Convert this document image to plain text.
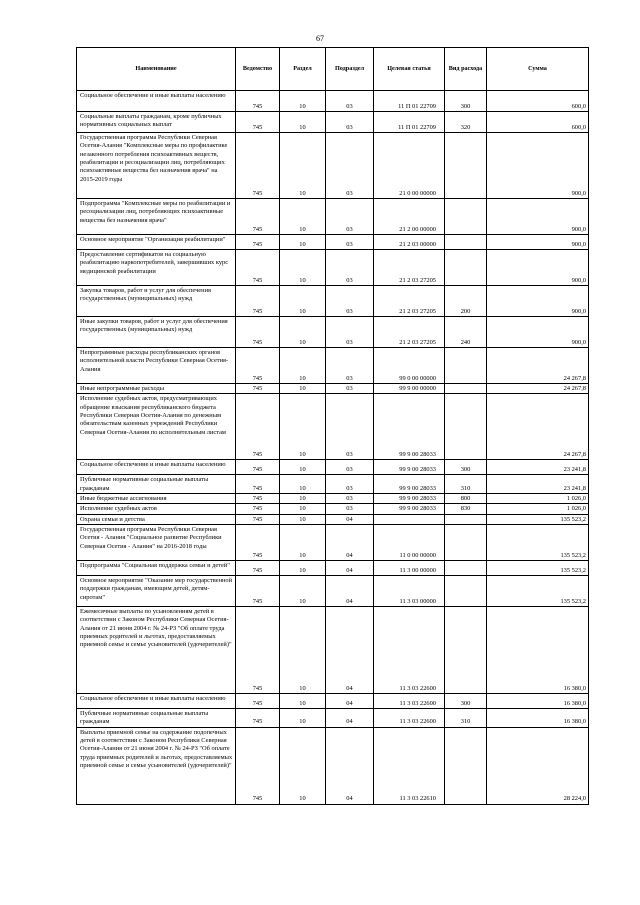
67
Наименование	Ведомство	Раздел	Подраздел	Целевая статья	Вид расхода	Сумма
Социальное обеспечение и иные выплаты населению	745	10	03	11 П 01 22709	300	600,0
Социальные выплаты гражданам, кроме публичных нормативных социальных выплат	745	10	03	11 П 01 22709	320	600,0
Государственная программа Республики Северная Осетия-Алания "Комплексные меры по профилактике незаконного потребления психоактивных веществ, реабилитации и ресоциализации лиц, потребляющих психоактивные вещества без назначения врача" на 2015-2019 годы	745	10	03	21 0 00 00000		900,0
Подпрограмма "Комплексные меры по реабилитации и ресоциализации лиц, потребляющих психоактивные вещества без назначения врача"	745	10	03	21 2 00 00000		900,0
Основное мероприятие "Организация реабилитации"	745	10	03	21 2 03 00000		900,0
Предоставление сертификатов на социальную реабилитацию наркопотребителей, завершивших курс медицинской реабилитации	745	10	03	21 2 03 27205		900,0
Закупка товаров, работ и услуг для обеспечения государственных (муниципальных) нужд	745	10	03	21 2 03 27205	200	900,0
Иные закупки товаров, работ и услуг для обеспечения государственных (муниципальных) нужд	745	10	03	21 2 03 27205	240	900,0
Непрограммные расходы республиканских органов исполнительной власти Республики Северная Осетия-Алания	745	10	03	99 0 00 00000		24 267,8
Иные непрограммные расходы	745	10	03	99 9 00 00000		24 267,8
Исполнение судебных актов, предусматривающих обращение взыскания республиканского бюджета Республики Северная Осетия-Алания по денежным обязательствам казенных учреждений Республики Северная Осетия-Алания по исполнительным листам	745	10	03	99 9 00 28033		24 267,8
Социальное обеспечение и иные выплаты населению	745	10	03	99 9 00 28033	300	23 241,8
Публичные нормативные социальные выплаты гражданам	745	10	03	99 9 00 28033	310	23 241,8
Иные бюджетные ассигнования	745	10	03	99 9 00 28033	800	1 026,0
Исполнение судебных актов	745	10	03	99 9 00 28033	830	1 026,0
Охрана семьи и детства	745	10	04			135 523,2
Государственная программа Республики Северная Осетия - Алания "Социальное развитие Республики Северная Осетия - Алания" на 2016-2018 годы	745	10	04	11 0 00 00000		135 523,2
Подпрограмма "Социальная поддержка семьи и детей"	745	10	04	11 3 00 00000		135 523,2
Основное мероприятие "Оказание мер государственной поддержки гражданам, имеющим детей, детям-сиротам"	745	10	04	11 3 03 00000		135 523,2
Ежемесячные выплаты по усыновлениям детей в соответствии с Законом Республики Северная Осетия-Алания от 21 июня 2004 г. № 24-РЗ "Об оплате труда приемных родителей и льготах, предоставляемых приемной семье и семье усыновителей (удочерителей)"	745	10	04	11 3 03 22600		16 380,0
Социальное обеспечение и иные выплаты населению	745	10	04	11 3 03 22600	300	16 380,0
Публичные нормативные социальные выплаты гражданам	745	10	04	11 3 03 22600	310	16 380,0
Выплаты приемной семье на содержание подопечных детей в соответствии с Законом Республики Северная Осетия-Алания от 21 июня 2004 г. № 24-РЗ "Об оплате труда приемных родителей и льготах, предоставляемых приемной семье и семье усыновителей (удочерителей)"	745	10	04	11 3 03 22610		28 224,0
